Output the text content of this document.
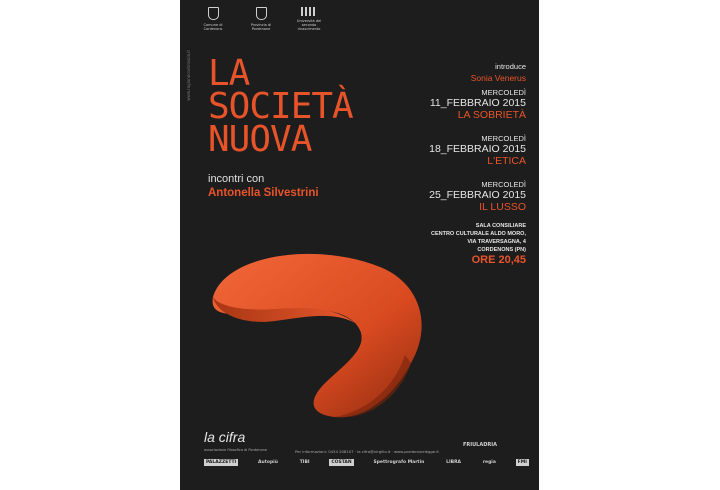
Comune di Cordenons
Provincia di Pordenone
Università del secondo rinascimento
www.ragionecontrosoia.it LA
SOCIETÀ
NUOVA
incontri con
Antonella Silvestrini
introduce
Sonia Venerus
MERCOLEDÌ
11_FEBBRAIO 2015
LA SOBRIETÀ
MERCOLEDÌ
18_FEBBRAIO 2015
L'ETICA
MERCOLEDÌ
25_FEBBRAIO 2015
IL LUSSO
SALA CONSILIARE
CENTRO CULTURALE ALDO MORO,
VIA TRAVERSAGNA, 4
CORDENONS (PN)
ORE 20,45
la cifra
associazione filosofica di Pordenone	Per informazioni: 0434 208107 · la cifra@virgilio.it · www.pordenonelegge.it
FRIULADRIA
PALAZZETTI	Autopiù	TIBI	COSTAN	Spettrografo Martin	LIBRA	regia	FMI
